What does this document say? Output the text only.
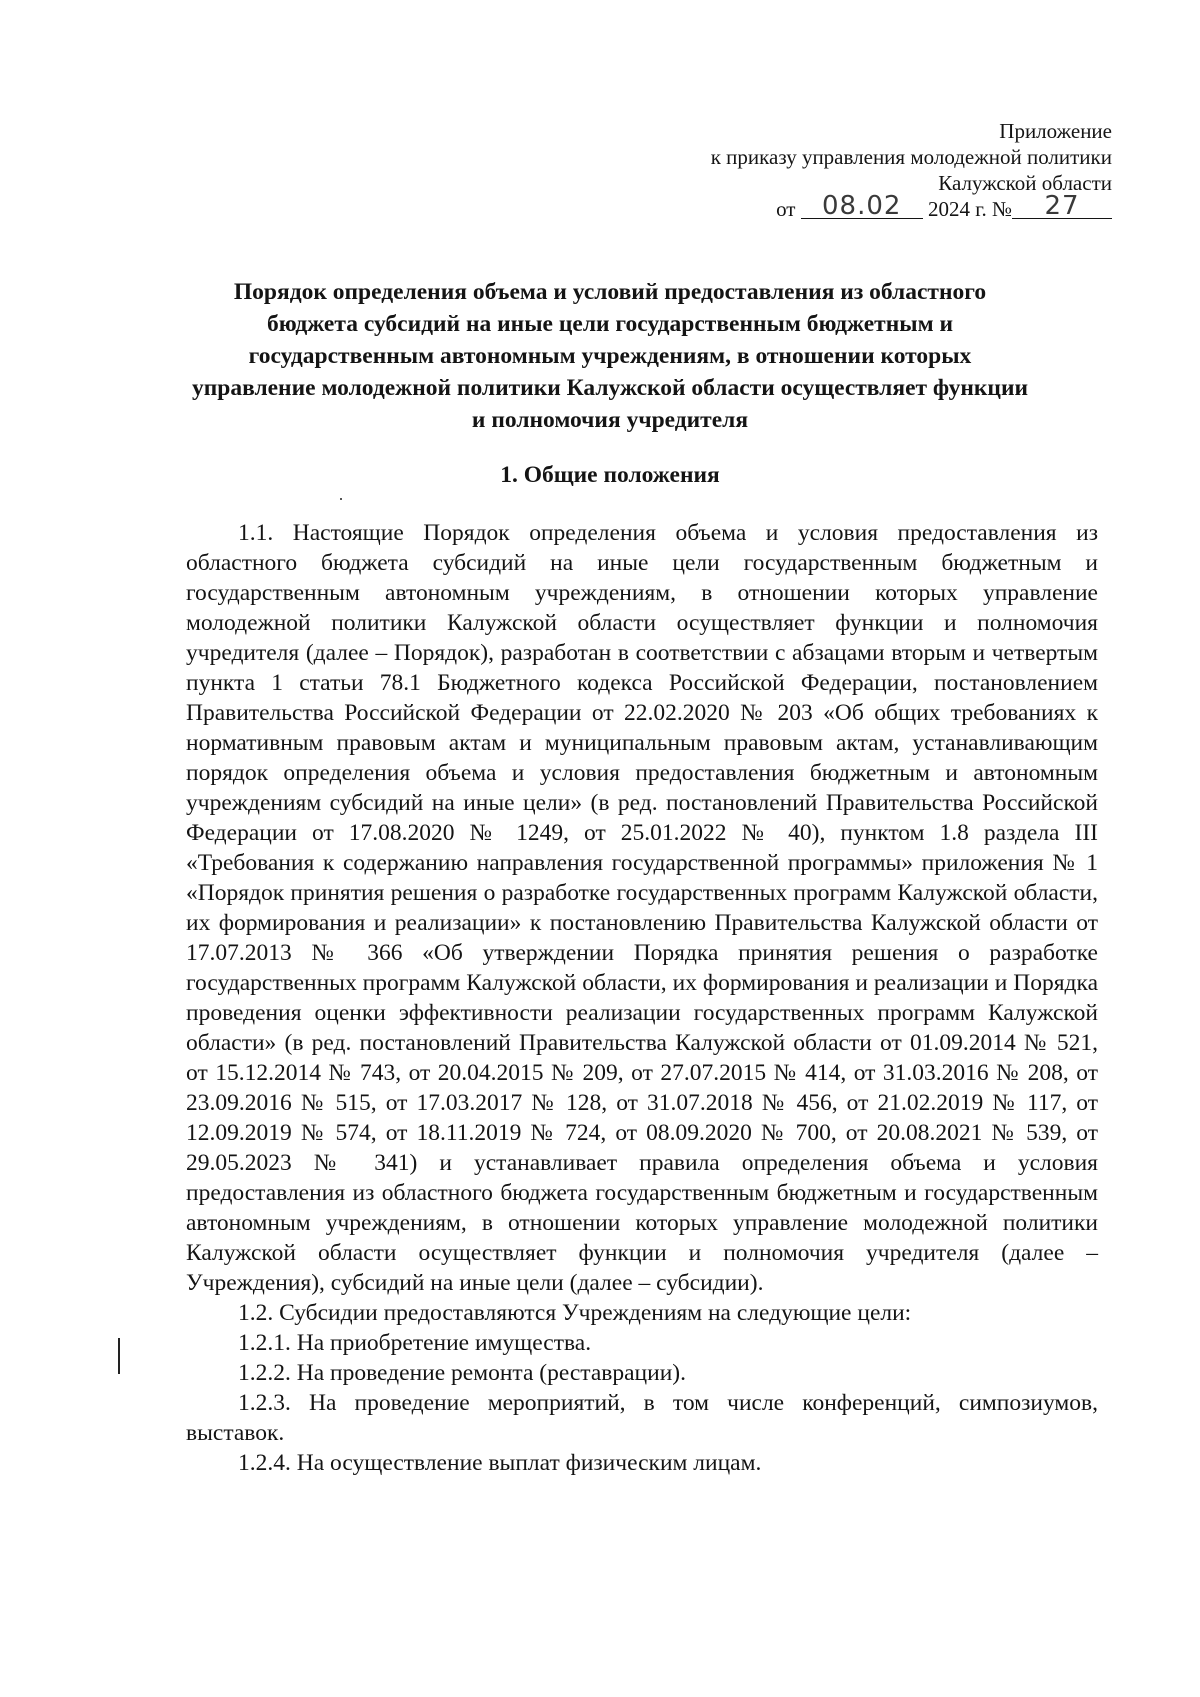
Приложение
к приказу управления молодежной политики
Калужской области
от 08.02 2024 г. № 27
Порядок определения объема и условий предоставления из областного
бюджета субсидий на иные цели государственным бюджетным и
государственным автономным учреждениям, в отношении которых
управление молодежной политики Калужской области осуществляет функции
и полномочия учредителя
1. Общие положения

1.1. Настоящие Порядок определения объема и условия предоставления из областного бюджета субсидий на иные цели государственным бюджетным и государственным автономным учреждениям, в отношении которых управление молодежной политики Калужской области осуществляет функции и полномочия учредителя (далее – Порядок), разработан в соответствии с абзацами вторым и четвертым пункта 1 статьи 78.1 Бюджетного кодекса Российской Федерации, постановлением Правительства Российской Федерации от 22.02.2020 № 203 «Об общих требованиях к нормативным правовым актам и муниципальным правовым актам, устанавливающим порядок определения объема и условия предоставления бюджетным и автономным учреждениям субсидий на иные цели» (в ред. постановлений Правительства Российской Федерации от 17.08.2020 № 1249, от 25.01.2022 № 40), пунктом 1.8 раздела III «Требования к содержанию направления государственной программы» приложения № 1 «Порядок принятия решения о разработке государственных программ Калужской области, их формирования и реализации» к постановлению Правительства Калужской области от 17.07.2013 № 366 «Об утверждении Порядка принятия решения о разработке государственных программ Калужской области, их формирования и реализации и Порядка проведения оценки эффективности реализации государственных программ Калужской области» (в ред. постановлений Правительства Калужской области от 01.09.2014 № 521, от 15.12.2014 № 743, от 20.04.2015 № 209, от 27.07.2015 № 414, от 31.03.2016 № 208, от 23.09.2016 № 515, от 17.03.2017 № 128, от 31.07.2018 № 456, от 21.02.2019 № 117, от 12.09.2019 № 574, от 18.11.2019 № 724, от 08.09.2020 № 700, от 20.08.2021 № 539, от 29.05.2023 № 341) и устанавливает правила определения объема и условия предоставления из областного бюджета государственным бюджетным и государственным автономным учреждениям, в отношении которых управление молодежной политики Калужской области осуществляет функции и полномочия учредителя (далее – Учреждения), субсидий на иные цели (далее – субсидии).

1.2. Субсидии предоставляются Учреждениям на следующие цели:

1.2.1. На приобретение имущества.

1.2.2. На проведение ремонта (реставрации).

1.2.3. На проведение мероприятий, в том числе конференций, симпозиумов, выставок.

1.2.4. На осуществление выплат физическим лицам.
